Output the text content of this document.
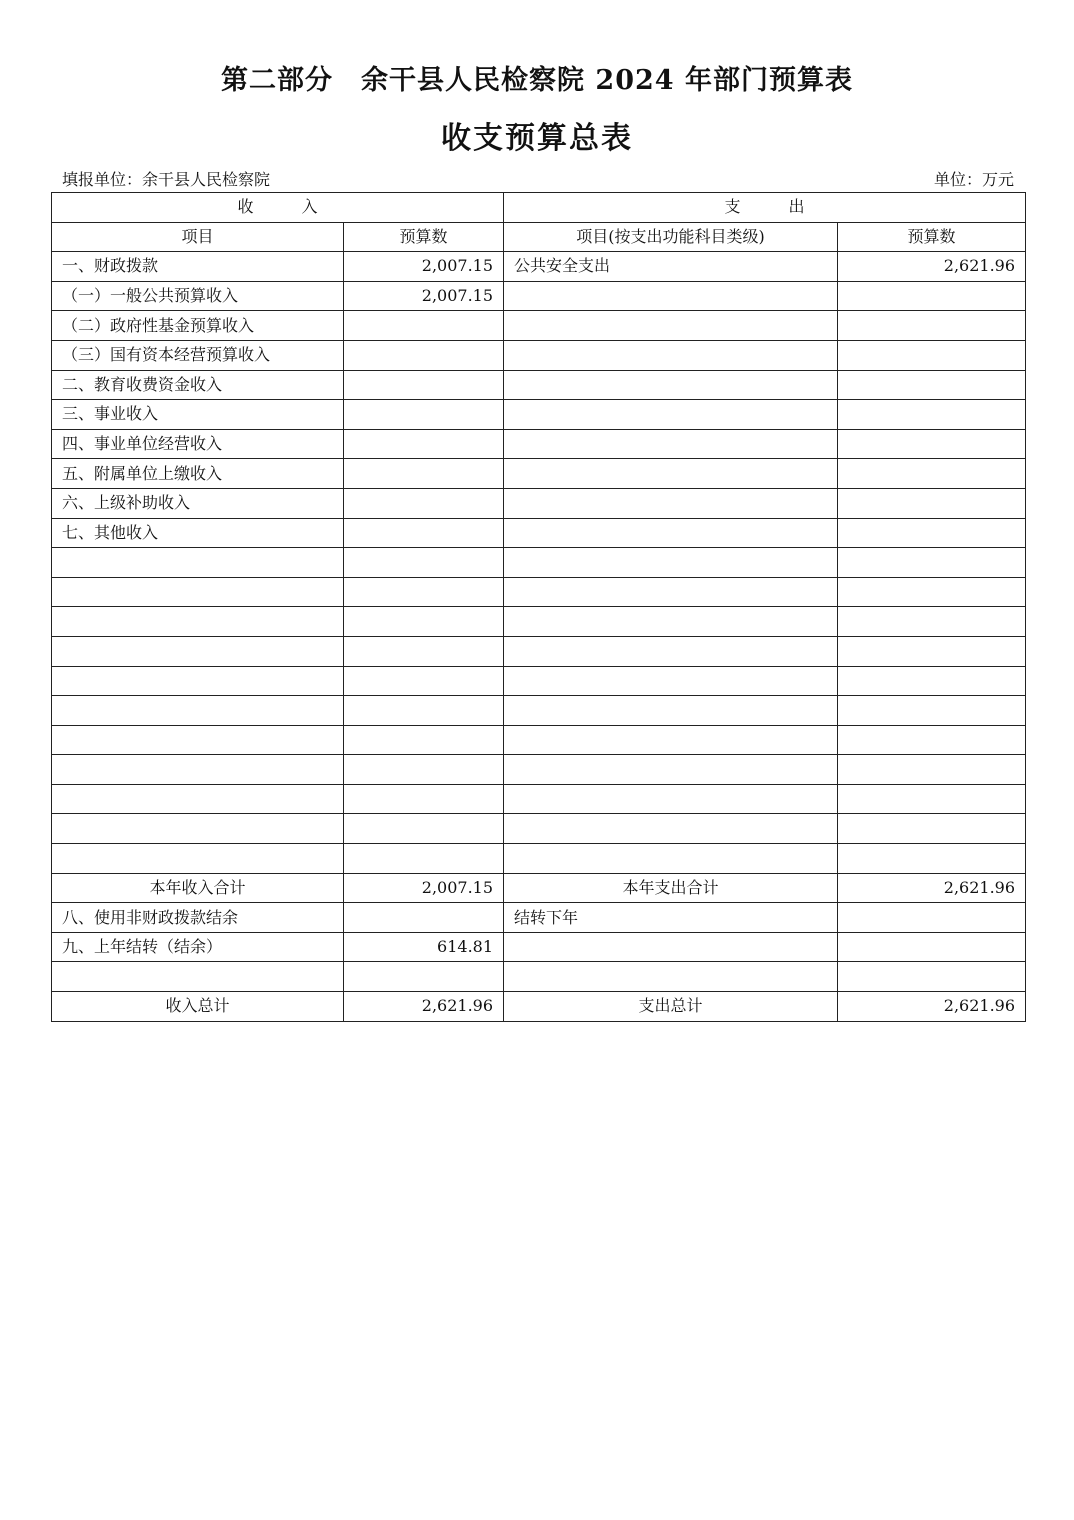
第二部分　余干县人民检察院 2024 年部门预算表
收支预算总表
填报单位：余干县人民检察院	单位：万元
收　　　入		支　　　出	
项目	预算数	项目(按支出功能科目类级)	预算数
一、财政拨款	2,007.15	公共安全支出	2,621.96
（一）一般公共预算收入	2,007.15		
（二）政府性基金预算收入			
（三）国有资本经营预算收入			
二、教育收费资金收入			
三、事业收入			
四、事业单位经营收入			
五、附属单位上缴收入			
六、上级补助收入			
七、其他收入			

本年收入合计	2,007.15	本年支出合计	2,621.96
八、使用非财政拨款结余		结转下年	
九、上年结转（结余）	614.81		

收入总计	2,621.96	支出总计	2,621.96
